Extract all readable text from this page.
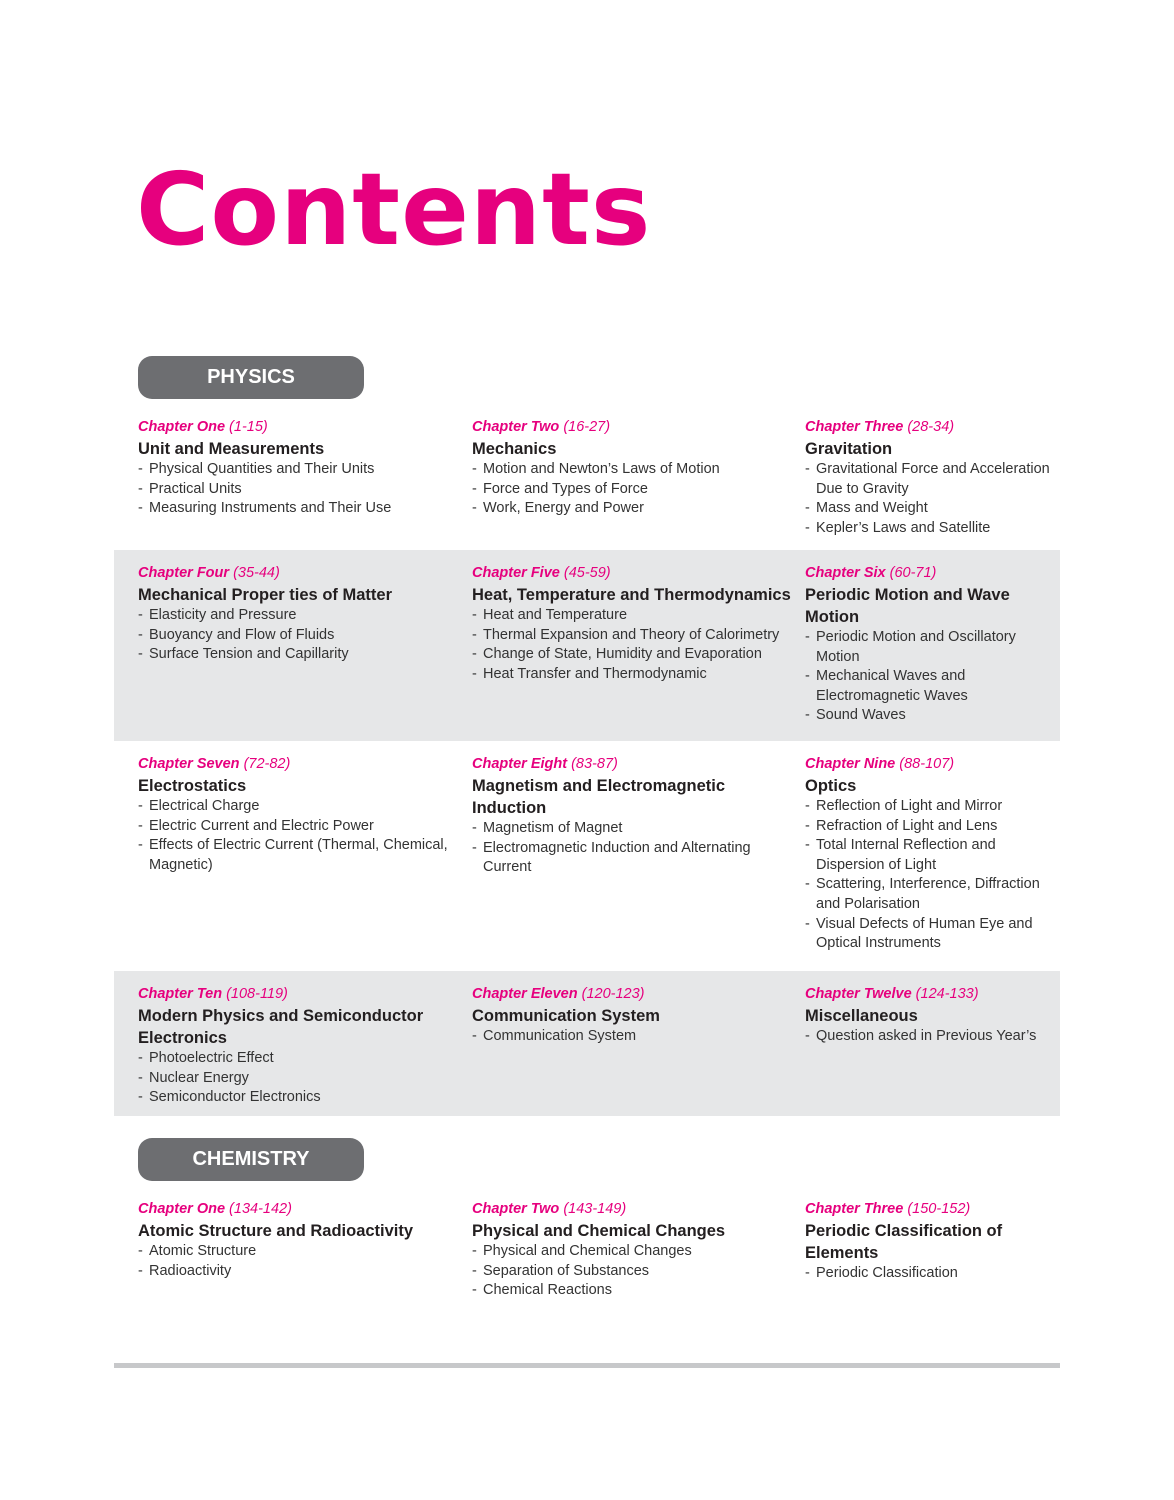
Contents
PHYSICS
CHEMISTRY
Chapter One (1-15)
Unit and Measurements
- Physical Quantities and Their Units
- Practical Units
- Measuring Instruments and Their Use
Chapter Two (16-27)
Mechanics
- Motion and Newton’s Laws of Motion
- Force and Types of Force
- Work, Energy and Power
Chapter Three (28-34)
Gravitation
- Gravitational Force and Acceleration Due to Gravity
- Mass and Weight
- Kepler’s Laws and Satellite
Chapter Four (35-44)
Mechanical Proper ties of Matter
- Elasticity and Pressure
- Buoyancy and Flow of Fluids
- Surface Tension and Capillarity
Chapter Five (45-59)
Heat, Temperature and Thermodynamics
- Heat and Temperature
- Thermal Expansion and Theory of Calorimetry
- Change of State, Humidity and Evaporation
- Heat Transfer and Thermodynamic
Chapter Six (60-71)
Periodic Motion and Wave Motion
- Periodic Motion and Oscillatory Motion
- Mechanical Waves and Electromagnetic Waves
- Sound Waves
Chapter Seven (72-82)
Electrostatics
- Electrical Charge
- Electric Current and Electric Power
- Effects of Electric Current (Thermal, Chemical, Magnetic)
Chapter Eight (83-87)
Magnetism and Electromagnetic Induction
- Magnetism of Magnet
- Electromagnetic Induction and Alternating Current
Chapter Nine (88-107)
Optics
- Reflection of Light and Mirror
- Refraction of Light and Lens
- Total Internal Reflection and Dispersion of Light
- Scattering, Interference, Diffraction and Polarisation
- Visual Defects of Human Eye and Optical Instruments
Chapter Ten (108-119)
Modern Physics and Semiconductor Electronics
- Photoelectric Effect
- Nuclear Energy
- Semiconductor Electronics
Chapter Eleven (120-123)
Communication System
- Communication System
Chapter Twelve (124-133)
Miscellaneous
- Question asked in Previous Year’s
Chapter One (134-142)
Atomic Structure and Radioactivity
- Atomic Structure
- Radioactivity
Chapter Two (143-149)
Physical and Chemical Changes
- Physical and Chemical Changes
- Separation of Substances
- Chemical Reactions
Chapter Three (150-152)
Periodic Classification of Elements
- Periodic Classification
